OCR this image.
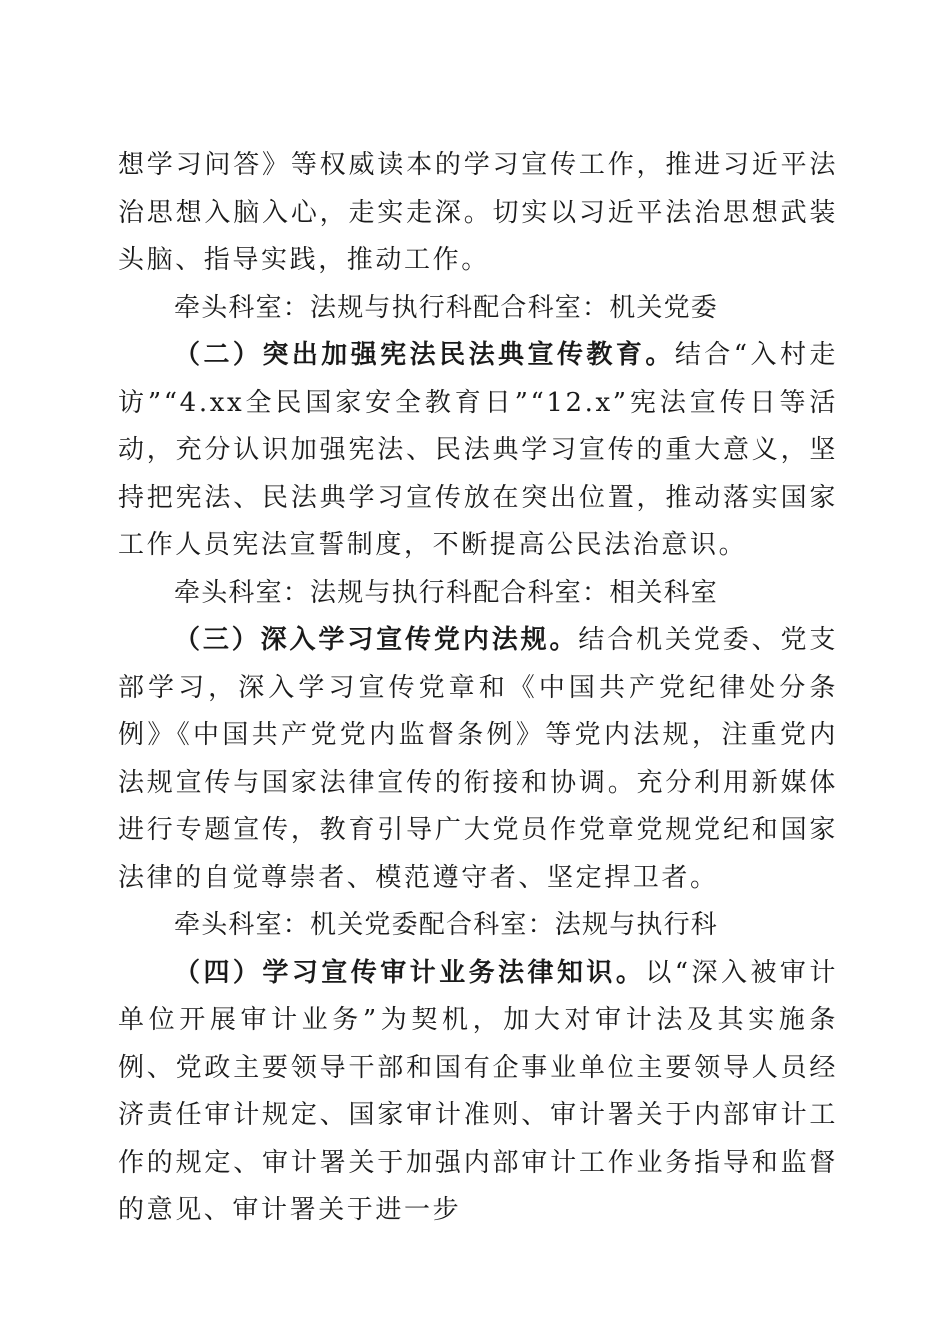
想学习问答》等权威读本的学习宣传工作，推进习近平法治思想入脑入心，走实走深。切实以习近平法治思想武装头脑、指导实践，推动工作。

牵头科室：法规与执行科配合科室：机关党委

（二）突出加强宪法民法典宣传教育。结合“入村走访”“4.xx全民国家安全教育日”“12.x”宪法宣传日等活动，充分认识加强宪法、民法典学习宣传的重大意义，坚持把宪法、民法典学习宣传放在突出位置，推动落实国家工作人员宪法宣誓制度，不断提高公民法治意识。

牵头科室：法规与执行科配合科室：相关科室

（三）深入学习宣传党内法规。结合机关党委、党支部学习，深入学习宣传党章和《中国共产党纪律处分条例》《中国共产党党内监督条例》等党内法规，注重党内法规宣传与国家法律宣传的衔接和协调。充分利用新媒体进行专题宣传，教育引导广大党员作党章党规党纪和国家法律的自觉尊崇者、模范遵守者、坚定捍卫者。

牵头科室：机关党委配合科室：法规与执行科

（四）学习宣传审计业务法律知识。以“深入被审计单位开展审计业务”为契机，加大对审计法及其实施条例、党政主要领导干部和国有企事业单位主要领导人员经济责任审计规定、国家审计准则、审计署关于内部审计工作的规定、审计署关于加强内部审计工作业务指导和监督的意见、审计署关于进一步
